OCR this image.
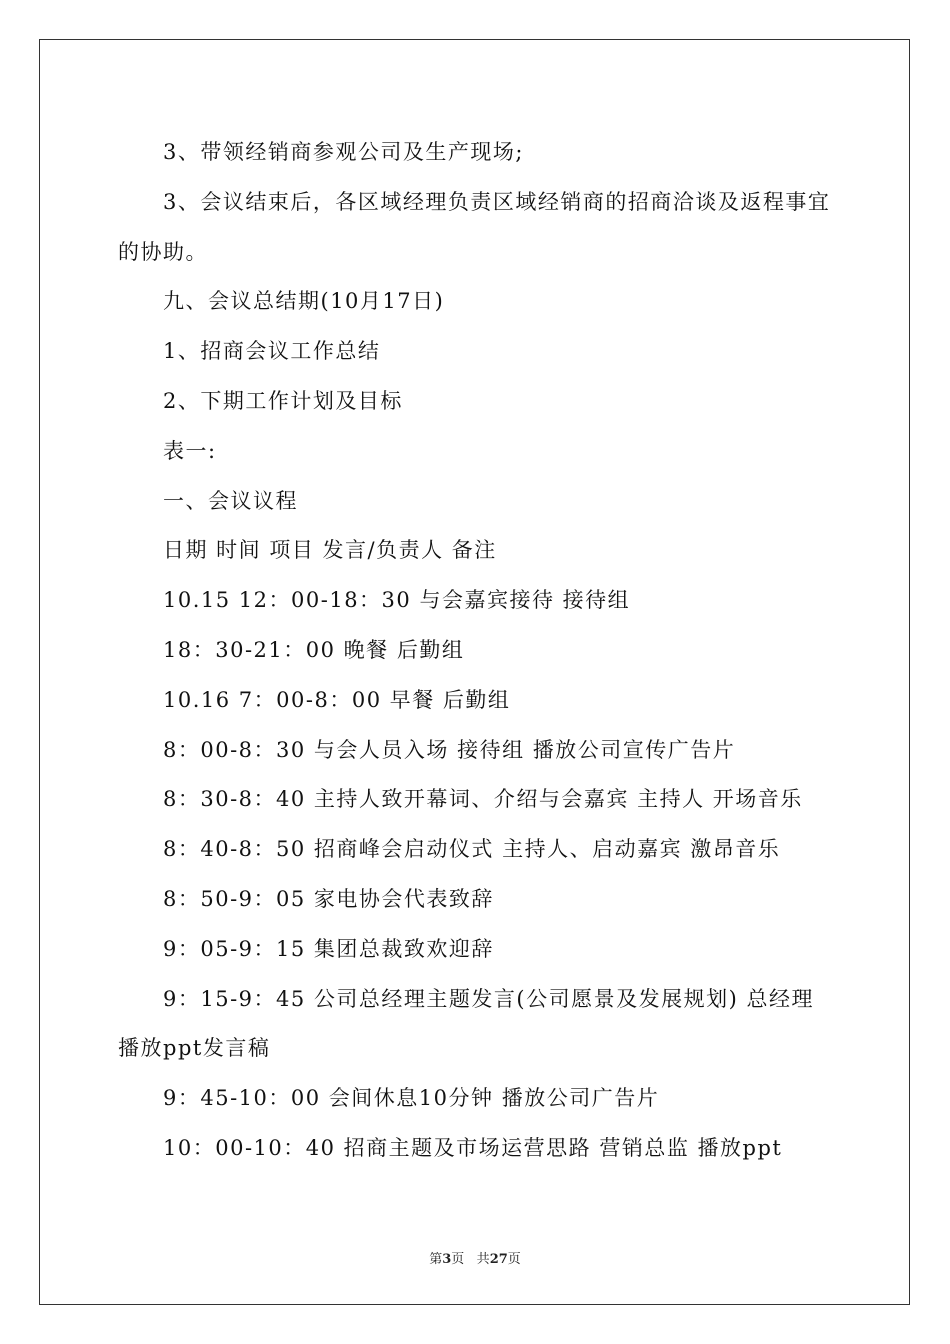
3、带领经销商参观公司及生产现场;

3、会议结束后，各区域经理负责区域经销商的招商洽谈及返程事宜的协助。

九、会议总结期(10月17日)

1、招商会议工作总结

2、下期工作计划及目标

表一:

一、会议议程

日期 时间 项目 发言/负责人 备注

10.15 12：00-18：30 与会嘉宾接待 接待组

18：30-21：00 晚餐 后勤组

10.16 7：00-8：00 早餐 后勤组

8：00-8：30 与会人员入场 接待组 播放公司宣传广告片

8：30-8：40 主持人致开幕词、介绍与会嘉宾 主持人 开场音乐

8：40-8：50 招商峰会启动仪式 主持人、启动嘉宾 激昂音乐

8：50-9：05 家电协会代表致辞

9：05-9：15 集团总裁致欢迎辞

9：15-9：45 公司总经理主题发言(公司愿景及发展规划) 总经理 播放ppt发言稿

9：45-10：00 会间休息10分钟 播放公司广告片

10：00-10：40 招商主题及市场运营思路 营销总监 播放ppt

第3页 共27页
